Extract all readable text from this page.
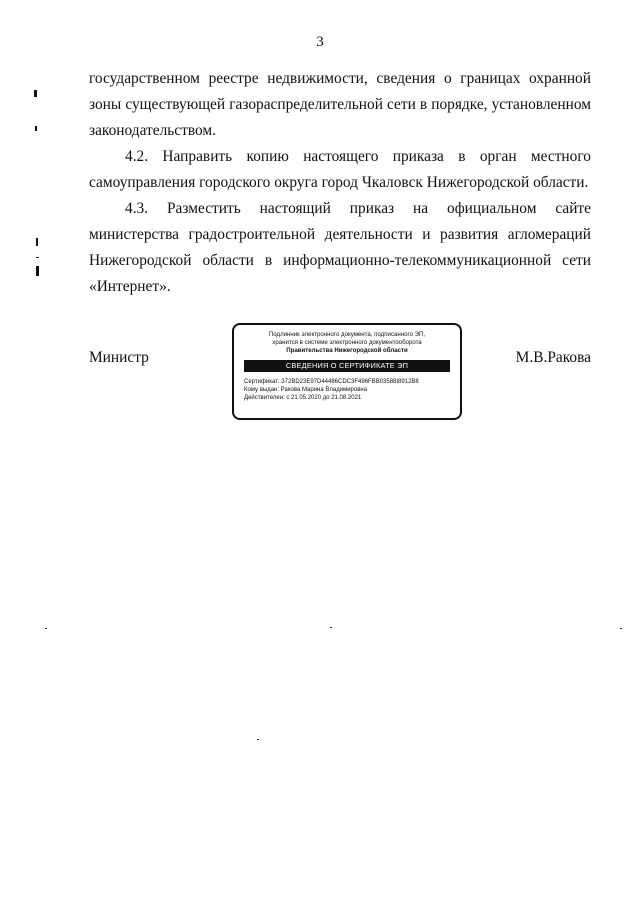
3

государственном реестре недвижимости, сведения о границах охранной зоны существующей газораспределительной сети в порядке, установленном законодательством.

4.2. Направить копию настоящего приказа в орган местного самоуправления городского округа город Чкаловск Нижегородской области.

4.3. Разместить настоящий приказ на официальном сайте министерства градостроительной деятельности и развития агломераций Нижегородской области в информационно-телекоммуникационной сети «Интернет».

Министр	М.В.Ракова
Подлинник электронного документа, подписанного ЭП,
хранится в системе электронного документооборота
Правительства Нижегородской области
СВЕДЕНИЯ О СЕРТИФИКАТЕ ЭП
Сертификат: 372BD23E97D44486CDC3F496FBB03588I8912B8
Кому выдан: Ракова Марина Владимировна
Действителен: с 21.05.2020 до 21.08.2021
